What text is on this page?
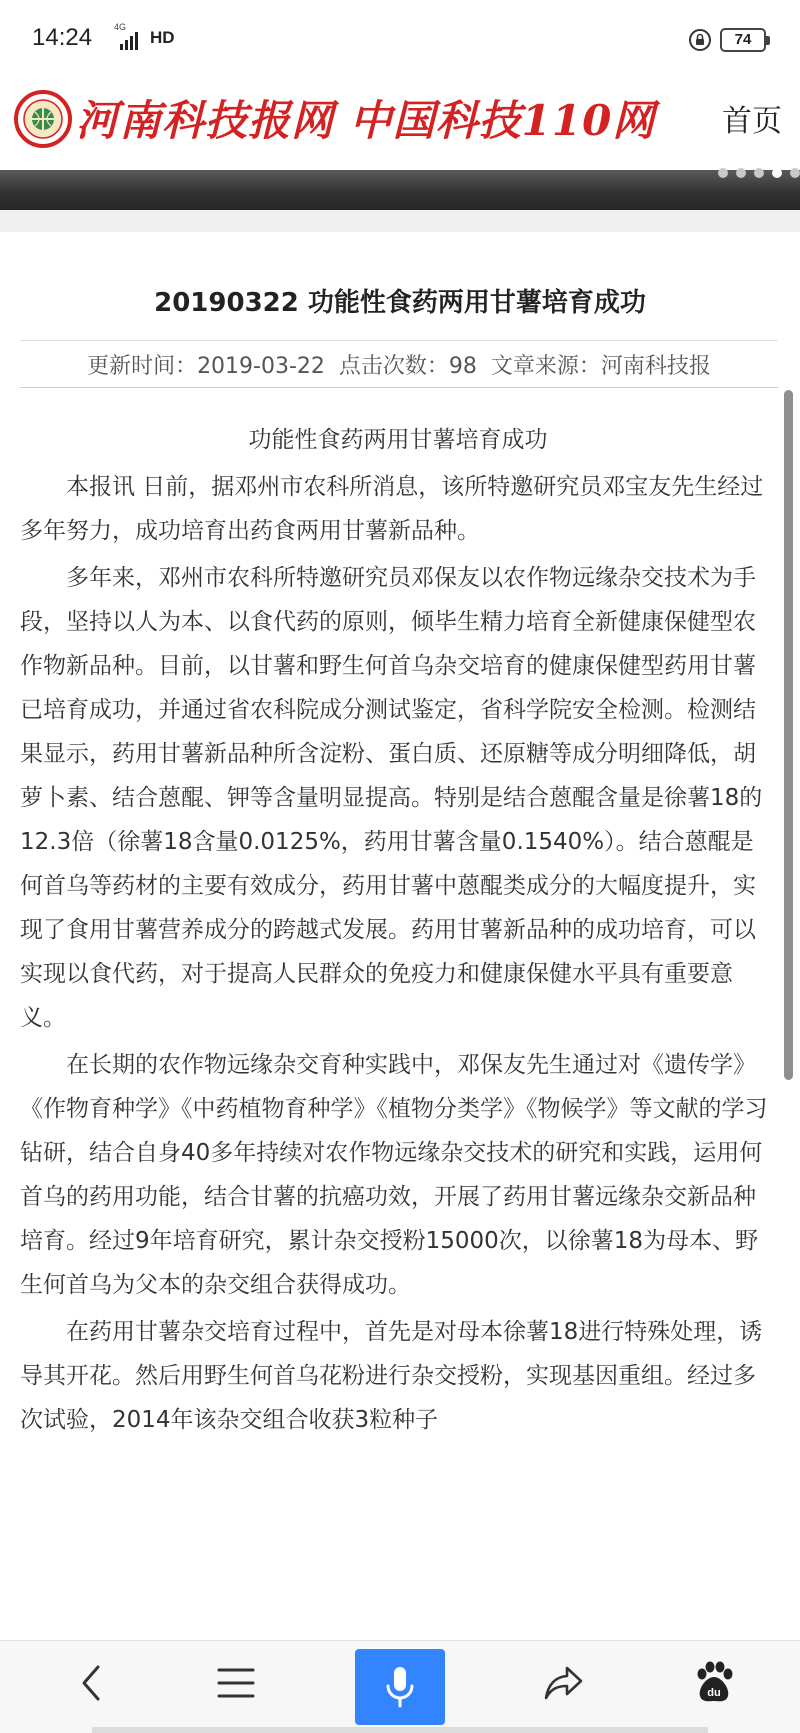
14:24 4G
HD	74
河南科技报网 中国科技110网 首页
20190322 功能性食药两用甘薯培育成功
更新时间：2019-03-22 点击次数：98 文章来源：河南科技报

功能性食药两用甘薯培育成功

本报讯 日前，据邓州市农科所消息，该所特邀研究员邓宝友先生经过多年努力，成功培育出药食两用甘薯新品种。

多年来，邓州市农科所特邀研究员邓保友以农作物远缘杂交技术为手段，坚持以人为本、以食代药的原则，倾毕生精力培育全新健康保健型农作物新品种。目前，以甘薯和野生何首乌杂交培育的健康保健型药用甘薯已培育成功，并通过省农科院成分测试鉴定，省科学院安全检测。检测结果显示，药用甘薯新品种所含淀粉、蛋白质、还原糖等成分明细降低，胡萝卜素、结合蒽醌、钾等含量明显提高。特别是结合蒽醌含量是徐薯18的12.3倍（徐薯18含量0.0125%，药用甘薯含量0.1540%）。结合蒽醌是何首乌等药材的主要有效成分，药用甘薯中蒽醌类成分的大幅度提升，实现了食用甘薯营养成分的跨越式发展。药用甘薯新品种的成功培育，可以实现以食代药，对于提高人民群众的免疫力和健康保健水平具有重要意义。

在长期的农作物远缘杂交育种实践中，邓保友先生通过对《遗传学》《作物育种学》《中药植物育种学》《植物分类学》《物候学》等文献的学习钻研，结合自身40多年持续对农作物远缘杂交技术的研究和实践，运用何首乌的药用功能，结合甘薯的抗癌功效，开展了药用甘薯远缘杂交新品种培育。经过9年培育研究，累计杂交授粉15000次，以徐薯18为母本、野生何首乌为父本的杂交组合获得成功。

在药用甘薯杂交培育过程中，首先是对母本徐薯18进行特殊处理，诱导其开花。然后用野生何首乌花粉进行杂交授粉，实现基因重组。经过多次试验，2014年该杂交组合收获3粒种子

du
